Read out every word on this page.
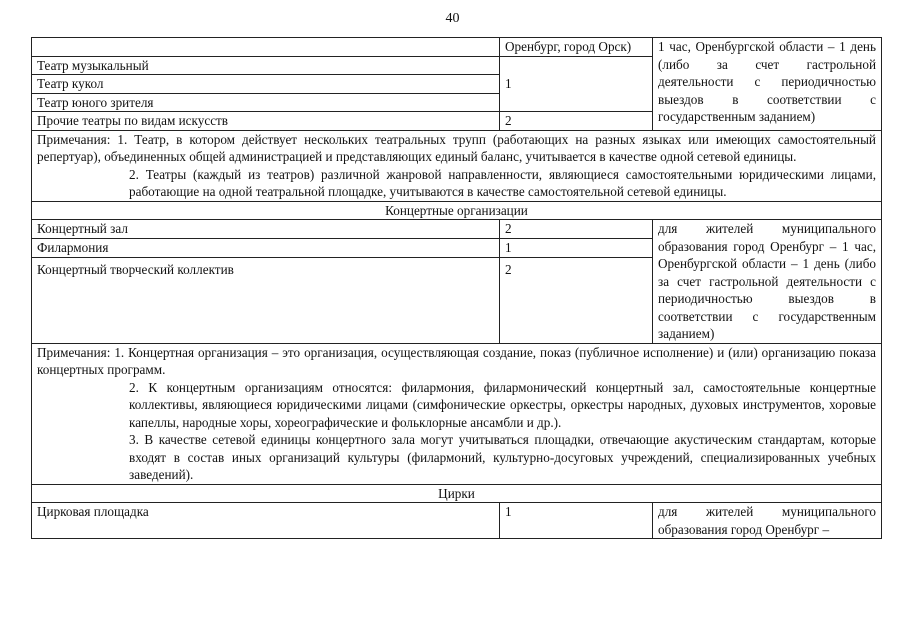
40
	Оренбург, город Орск)	1 час, Оренбургской области – 1 день (либо за счет гастрольной деятельности с периодичностью выездов в соответствии с государственным заданием)
Театр музыкальный	1	
Театр кукол		
Театр юного зрителя		
Прочие театры по видам искусств	2	

Примечания: 1. Театр, в котором действует нескольких театральных трупп (работающих на разных языках или имеющих самостоятельный репертуар), объединенных общей администрацией и представляющих единый баланс, учитывается в качестве одной сетевой единицы.

2. Театры (каждый из театров) различной жанровой направленности, являющиеся самостоятельными юридическими лицами, работающие на одной театральной площадке, учитываются в качестве самостоятельной сетевой единицы.		

Концертные организации		
Концертный зал	2	для жителей муниципального образования город Оренбург – 1 час, Оренбургской области – 1 день (либо за счет гастрольной деятельности с периодичностью выездов в соответствии с государственным заданием)
Филармония	1	
Концертный творческий коллектив	2	

Примечания: 1. Концертная организация – это организация, осуществляющая создание, показ (публичное исполнение) и (или) организацию показа концертных программ.

2. К концертным организациям относятся: филармония, филармонический концертный зал, самостоятельные концертные коллективы, являющиеся юридическими лицами (симфонические оркестры, оркестры народных, духовых инструментов, хоровые капеллы, народные хоры, хореографические и фольклорные ансамбли и др.).

3. В качестве сетевой единицы концертного зала могут учитываться площадки, отвечающие акустическим стандартам, которые входят в состав иных организаций культуры (филармоний, культурно-досуговых учреждений, специализированных учебных заведений).		

Цирки		
Цирковая площадка	1	для жителей муниципального образования город Оренбург –
